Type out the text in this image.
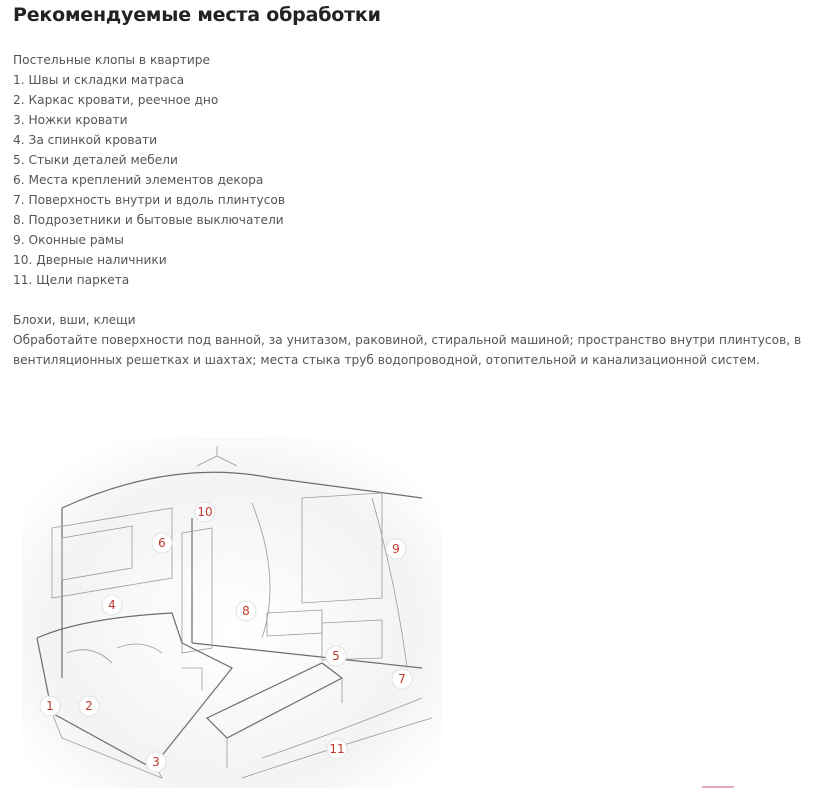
Рекомендуемые места обработки
Постельные клопы в квартире
1. Швы и складки матраса
2. Каркас кровати, реечное дно
3. Ножки кровати
4. За спинкой кровати
5. Стыки деталей мебели
6. Места креплений элементов декора
7. Поверхность внутри и вдоль плинтусов
8. Подрозетники и бытовые выключатели
9. Оконные рамы
10. Дверные наличники
11. Щели паркета
Блохи, вши, клещи
Обработайте поверхности под ванной, за унитазом, раковиной, стиральной машиной; пространство внутри плинтусов, в вентиляционных решетках и шахтах; места стыка труб водопроводной, отопительной и канализационной систем.
1	2
3
4
5
6
7
8
9
10
11
